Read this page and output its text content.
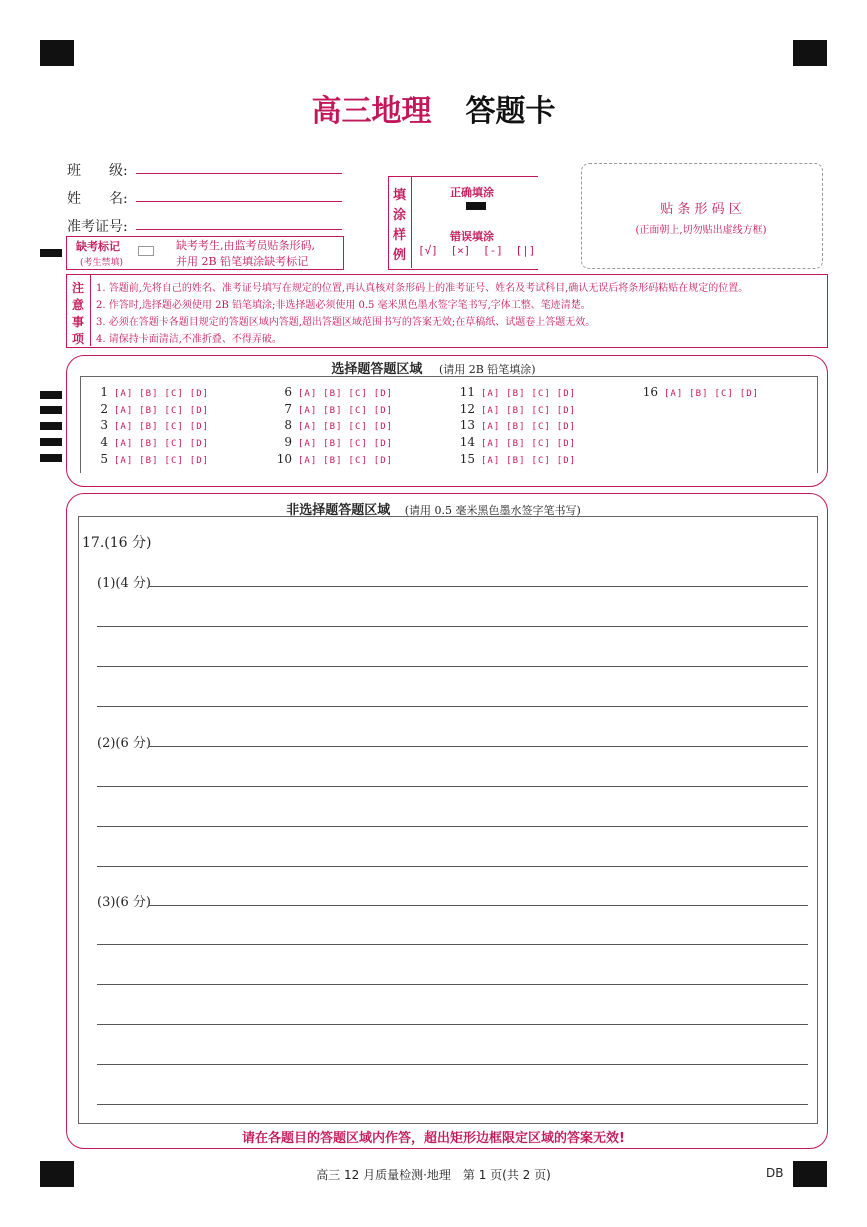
高三地理 答题卡
班　　级:
姓　　名:
准考证号:
缺考标记
(考生禁填)
缺考考生,由监考员贴条形码,
并用 2B 铅笔填涂缺考标记
填
涂
样
例
正确填涂
错误填涂
[√] [×] [-] [|]
贴 条 形 码 区
(正面朝上,切勿贴出虚线方框)
注
意
事
项
1. 答题前,先将自己的姓名、准考证号填写在规定的位置,再认真核对条形码上的准考证号、姓名及考试科目,确认无误后将条形码粘贴在规定的位置。
2. 作答时,选择题必须使用 2B 铅笔填涂;非选择题必须使用 0.5 毫米黑色墨水签字笔书写,字体工整、笔迹清楚。
3. 必须在答题卡各题目规定的答题区域内答题,超出答题区域范围书写的答案无效;在草稿纸、试题卷上答题无效。
4. 请保持卡面清洁,不准折叠、不得弄破。
选择题答题区域 (请用 2B 铅笔填涂)
1 [A] [B] [C] [D]
2 [A] [B] [C] [D]
3 [A] [B] [C] [D]
4 [A] [B] [C] [D]
5 [A] [B] [C] [D]
6 [A] [B] [C] [D]
7 [A] [B] [C] [D]
8 [A] [B] [C] [D]
9 [A] [B] [C] [D]
10 [A] [B] [C] [D]
11 [A] [B] [C] [D]
12 [A] [B] [C] [D]
13 [A] [B] [C] [D]
14 [A] [B] [C] [D]
15 [A] [B] [C] [D]
16 [A] [B] [C] [D]
非选择题答题区域 (请用 0.5 毫米黑色墨水签字笔书写)
17.(16 分)
(1)(4 分)
(2)(6 分)
(3)(6 分)
请在各题目的答题区域内作答，超出矩形边框限定区域的答案无效!
高三 12 月质量检测·地理　第 1 页(共 2 页)	DB
